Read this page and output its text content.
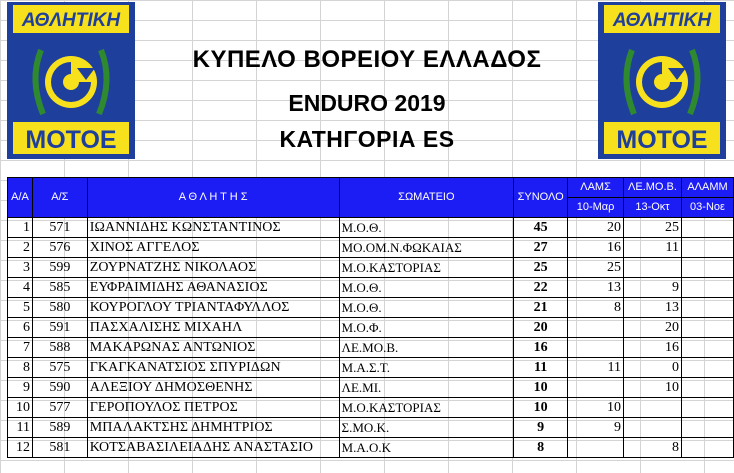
ΑΘΛΗΤΙΚΗ
ΜΟΤΟΕ
ΑΘΛΗΤΙΚΗ
ΜΟΤΟΕ
ΚΥΠΕΛΟ ΒΟΡΕΙΟΥ ΕΛΛΑΔΟΣ
ENDURO 2019
ΚΑΤΗΓΟΡΙΑ ES
Α/Α	Α/Σ	Α Θ Λ Η Τ Η Σ	ΣΩΜΑΤΕΙΟ	ΣΥΝΟΛΟ	ΛΑΜΣ	ΛΕ.ΜΟ.Β.	ΑΛΑΜΜ
					10-Μαρ	13-Οκτ	03-Νοε
1	571	ΙΩΑΝΝΙΔΗΣ ΚΩΝΣΤΑΝΤΙΝΟΣ	Μ.Ο.Θ.	45	20	25	
2	576	ΧΙΝΟΣ ΑΓΓΕΛΟΣ	ΜΟ.ΟΜ.Ν.ΦΩΚΑΙΑΣ	27	16	11	
3	599	ΖΟΥΡΝΑΤΖΗΣ ΝΙΚΟΛΑΟΣ	Μ.Ο.ΚΑΣΤΟΡΙΑΣ	25	25		
4	585	ΕΥΦΡΑΙΜΙΔΗΣ ΑΘΑΝΑΣΙΟΣ	Μ.Ο.Θ.	22	13	9	
5	580	ΚΟΥΡΟΓΛΟΥ ΤΡΙΑΝΤΑΦΥΛΛΟΣ	Μ.Ο.Θ.	21	8	13	
6	591	ΠΑΣΧΑΛΙΣΗΣ ΜΙΧΑΗΛ	Μ.Ο.Φ.	20		20	
7	588	ΜΑΚΑΡΩΝΑΣ ΑΝΤΩΝΙΟΣ	ΛΕ.ΜΟ.Β.	16		16	
8	575	ΓΚΑΓΚΑΝΑΤΣΙΟΣ ΣΠΥΡΙΔΩΝ	Μ.Α.Σ.Τ.	11	11	0	
9	590	ΑΛΕΞΙΟΥ ΔΗΜΟΣΘΕΝΗΣ	ΛΕ.ΜΙ.	10		10	
10	577	ΓΕΡΟΠΟΥΛΟΣ ΠΕΤΡΟΣ	Μ.Ο.ΚΑΣΤΟΡΙΑΣ	10	10		
11	589	ΜΠΑΛΑΚΤΣΗΣ ΔΗΜΗΤΡΙΟΣ	Σ.ΜΟ.Κ.	9	9		
12	581	ΚΟΤΣΑΒΑΣΙΛΕΙΑΔΗΣ ΑΝΑΣΤΑΣΙΟ	Μ.Α.Ο.Κ	8		8	
